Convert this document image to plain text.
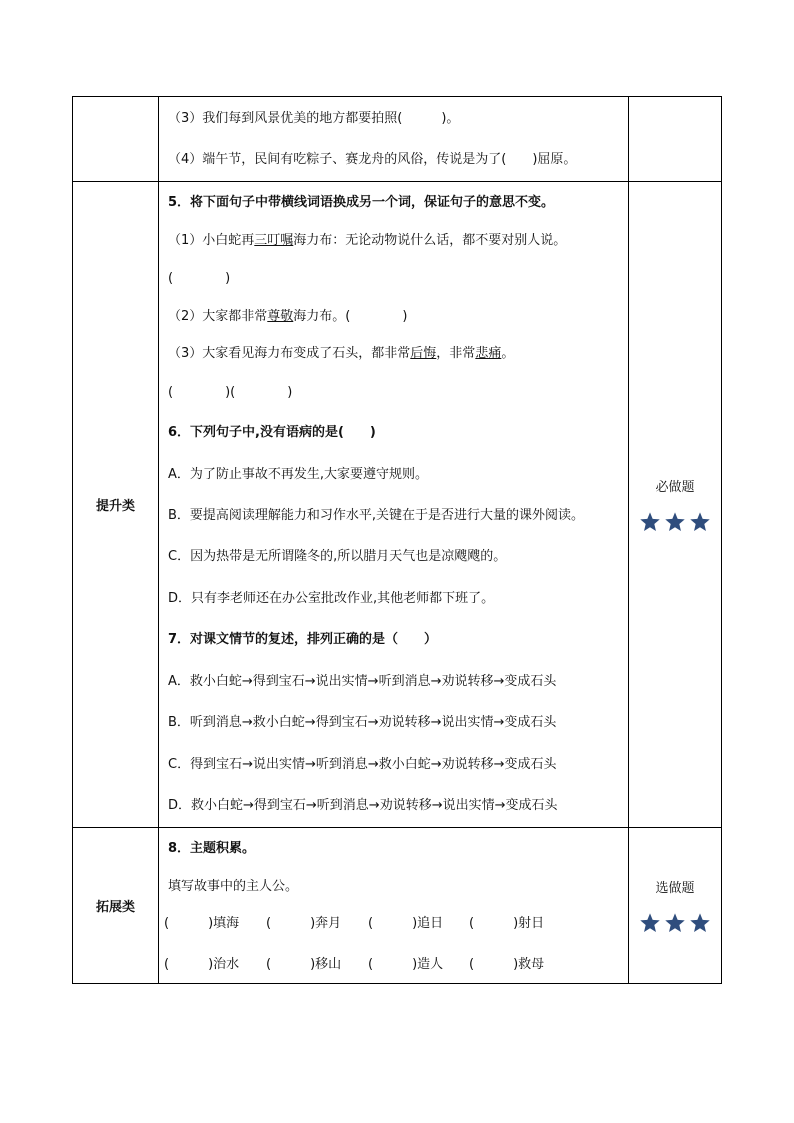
（3）我们每到风景优美的地方都要拍照(　　　)。
（4）端午节，民间有吃粽子、赛龙舟的风俗，传说是为了(　　)屈原。
提升类
必做题
5．将下面句子中带横线词语换成另一个词，保证句子的意思不变。
（1）小白蛇再三叮嘱海力布：无论动物说什么话，都不要对别人说。
(　　　　)
（2）大家都非常尊敬海力布。(　　　　)
（3）大家看见海力布变成了石头，都非常后悔，非常悲痛。
(　　　　)(　　　　)
6．下列句子中,没有语病的是(　　)
A．为了防止事故不再发生,大家要遵守规则。
B．要提高阅读理解能力和习作水平,关键在于是否进行大量的课外阅读。
C．因为热带是无所谓隆冬的,所以腊月天气也是凉飕飕的。
D．只有李老师还在办公室批改作业,其他老师都下班了。
7．对课文情节的复述，排列正确的是（　　）
A．救小白蛇→得到宝石→说出实情→听到消息→劝说转移→变成石头
B．听到消息→救小白蛇→得到宝石→劝说转移→说出实情→变成石头
C．得到宝石→说出实情→听到消息→救小白蛇→劝说转移→变成石头
D．救小白蛇→得到宝石→听到消息→劝说转移→说出实情→变成石头
拓展类
选做题
8．主题积累。
填写故事中的主人公。
(　　　)填海 (　　　)奔月 (　　　)追日 (　　　)射日
(　　　)治水 (　　　)移山 (　　　)造人 (　　　)救母
